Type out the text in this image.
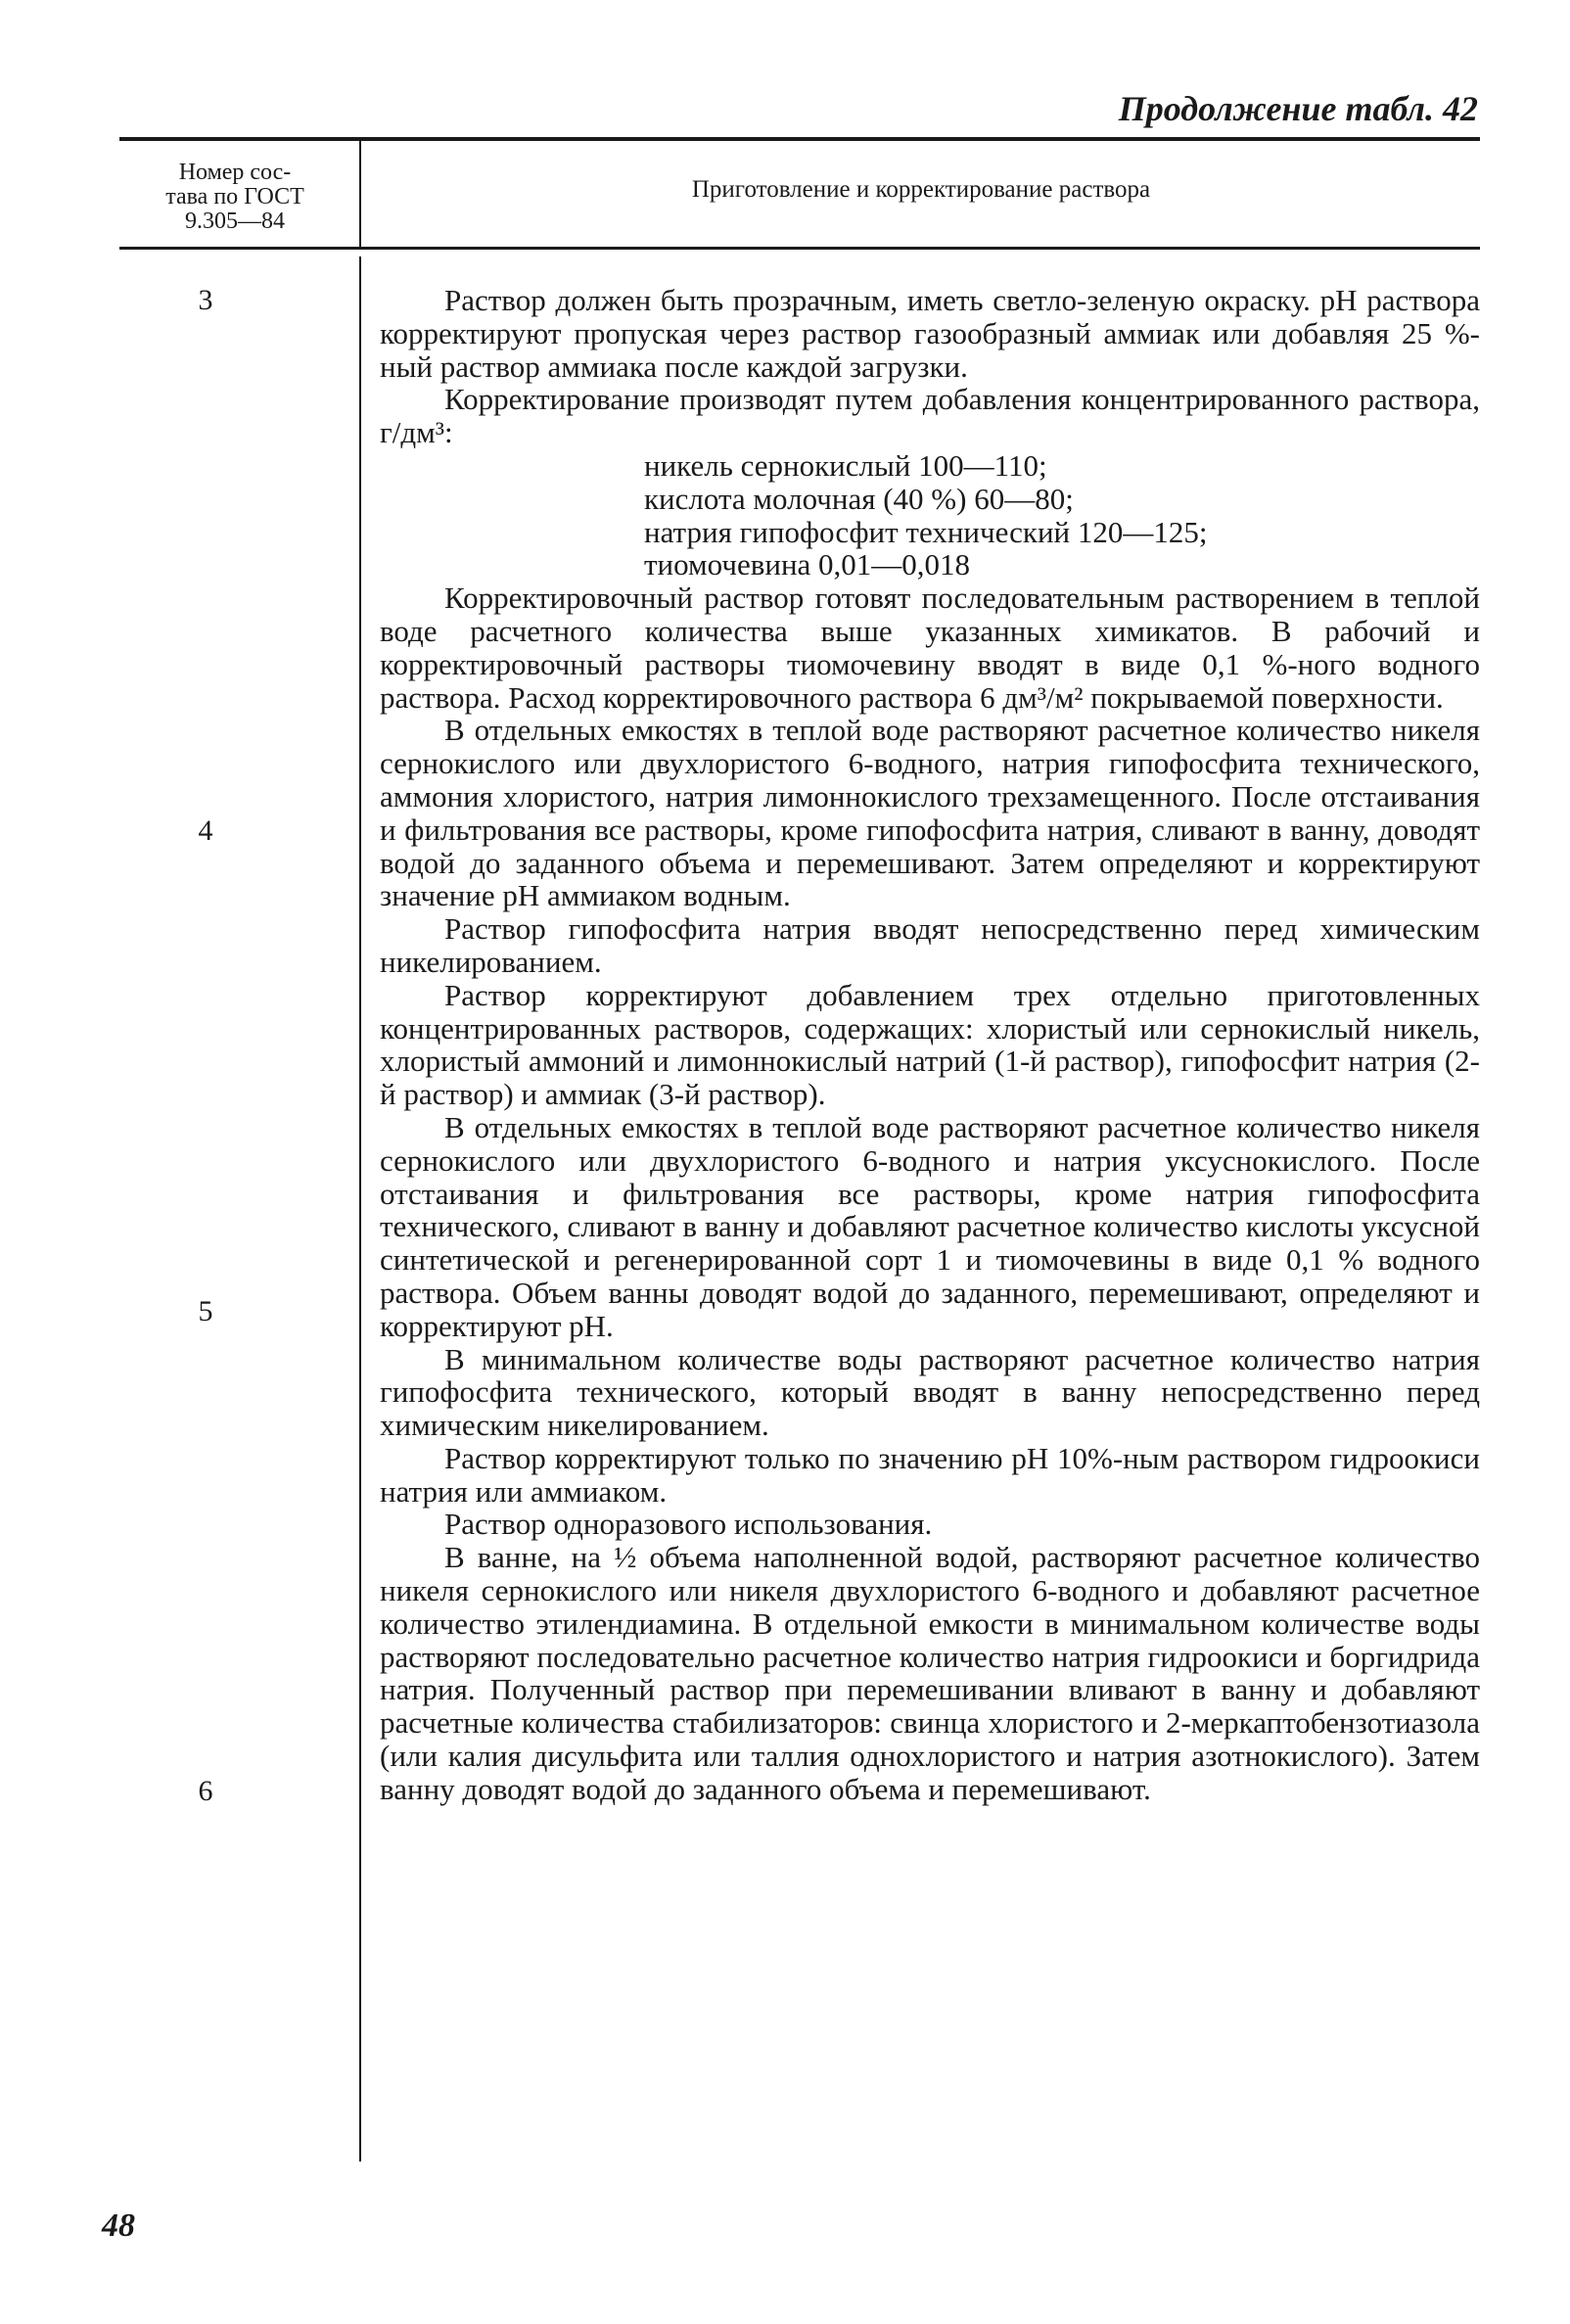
Продолжение табл. 42
Номер сос-
тава по ГОСТ
9.305—84
Приготовление и корректирование раствора
3
4
5
6

Раствор должен быть прозрачным, иметь светло-зеленую окраску. pH раствора корректируют пропуская через раствор газообразный аммиак или добавляя 25 %-ный раствор аммиака после каждой загрузки.

Корректирование производят путем добавления концентрированного раствора, г/дм³:

никель сернокислый 100—110;
кислота молочная (40 %) 60—80;
натрия гипофосфит технический 120—125;
тиомочевина 0,01—0,018

Корректировочный раствор готовят последовательным растворением в теплой воде расчетного количества выше указанных химикатов. В рабочий и корректировочный растворы тиомочевину вводят в виде 0,1 %-ного водного раствора. Расход корректировочного раствора 6 дм³/м² покрываемой поверхности.

В отдельных емкостях в теплой воде растворяют расчетное количество никеля сернокислого или двухлористого 6-водного, натрия гипофосфита технического, аммония хлористого, натрия лимоннокислого трехзамещенного. После отстаивания и фильтрования все растворы, кроме гипофосфита натрия, сливают в ванну, доводят водой до заданного объема и перемешивают. Затем определяют и корректируют значение pH аммиаком водным.

Раствор гипофосфита натрия вводят непосредственно перед химическим никелированием.

Раствор корректируют добавлением трех отдельно приготовленных концентрированных растворов, содержащих: хлористый или сернокислый никель, хлористый аммоний и лимоннокислый натрий (1-й раствор), гипофосфит натрия (2-й раствор) и аммиак (3-й раствор).

В отдельных емкостях в теплой воде растворяют расчетное количество никеля сернокислого или двухлористого 6-водного и натрия уксуснокислого. После отстаивания и фильтрования все растворы, кроме натрия гипофосфита технического, сливают в ванну и добавляют расчетное количество кислоты уксусной синтетической и регенерированной сорт 1 и тиомочевины в виде 0,1 % водного раствора. Объем ванны доводят водой до заданного, перемешивают, определяют и корректируют pH.

В минимальном количестве воды растворяют расчетное количество натрия гипофосфита технического, который вводят в ванну непосредственно перед химическим никелированием.

Раствор корректируют только по значению pH 10%-ным раствором гидроокиси натрия или аммиаком.

Раствор одноразового использования.

В ванне, на ½ объема наполненной водой, растворяют расчетное количество никеля сернокислого или никеля двухлористого 6-водного и добавляют расчетное количество этилендиамина. В отдельной емкости в минимальном количестве воды растворяют последовательно расчетное количество натрия гидроокиси и боргидрида натрия. Полученный раствор при перемешивании вливают в ванну и добавляют расчетные количества стабилизаторов: свинца хлористого и 2-меркаптобензотиазола (или калия дисульфита или таллия однохлористого и натрия азотнокислого). Затем ванну доводят водой до заданного объема и перемешивают.

48
